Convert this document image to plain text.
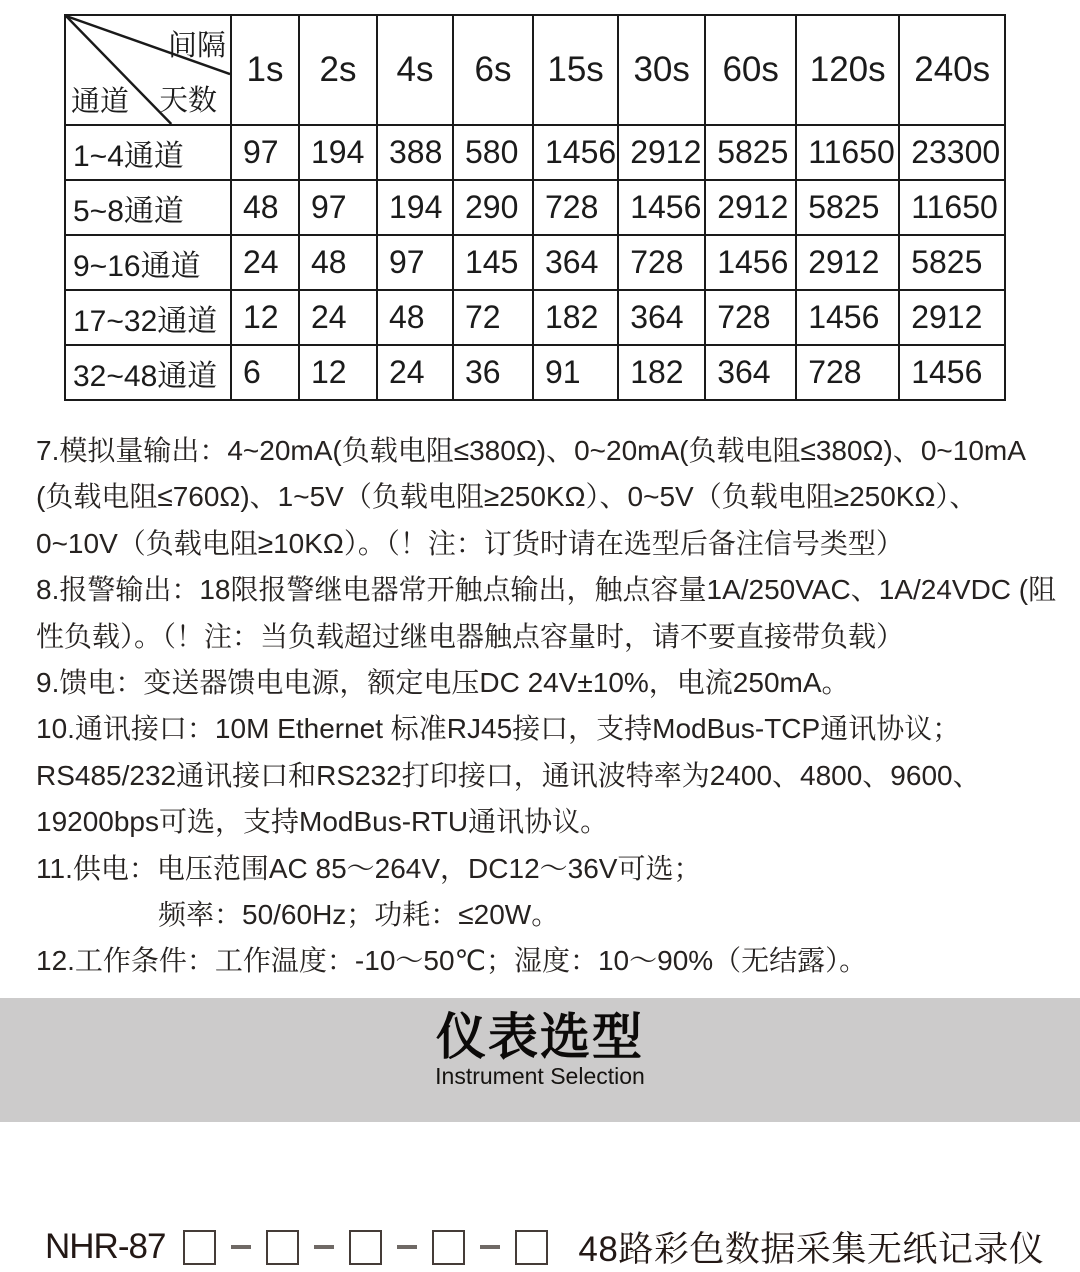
间隔
天数
通道	1s	2s	4s	6s	15s	30s	60s	120s	240s
1~4通道	97	194	388	580	1456	2912	5825	11650	23300
5~8通道	48	97	194	290	728	1456	2912	5825	11650
9~16通道	24	48	97	145	364	728	1456	2912	5825
17~32通道	12	24	48	72	182	364	728	1456	2912
32~48通道	6	12	24	36	91	182	364	728	1456
7.模拟量输出：4~20mA(负载电阻≤380Ω)、0~20mA(负载电阻≤380Ω)、0~10mA
(负载电阻≤760Ω)、1~5V（负载电阻≥250KΩ）、0~5V（负载电阻≥250KΩ）、
0~10V（负载电阻≥10KΩ）。（！注：订货时请在选型后备注信号类型）
8.报警输出：18限报警继电器常开触点输出，触点容量1A/250VAC、1A/24VDC (阻
性负载）。（！注：当负载超过继电器触点容量时，请不要直接带负载）
9.馈电：变送器馈电电源，额定电压DC 24V±10%，电流250mA。
10.通讯接口：10M Ethernet 标准RJ45接口，支持ModBus-TCP通讯协议；
RS485/232通讯接口和RS232打印接口，通讯波特率为2400、4800、9600、
19200bps可选，支持ModBus-RTU通讯协议。
11.供电：电压范围AC 85～264V，DC12～36V可选；
频率：50/60Hz；功耗：≤20W。
12.工作条件：工作温度：-10～50℃；湿度：10～90%（无结露）。
仪表选型
Instrument Selection
NHR-87	48路彩色数据采集无纸记录仪
